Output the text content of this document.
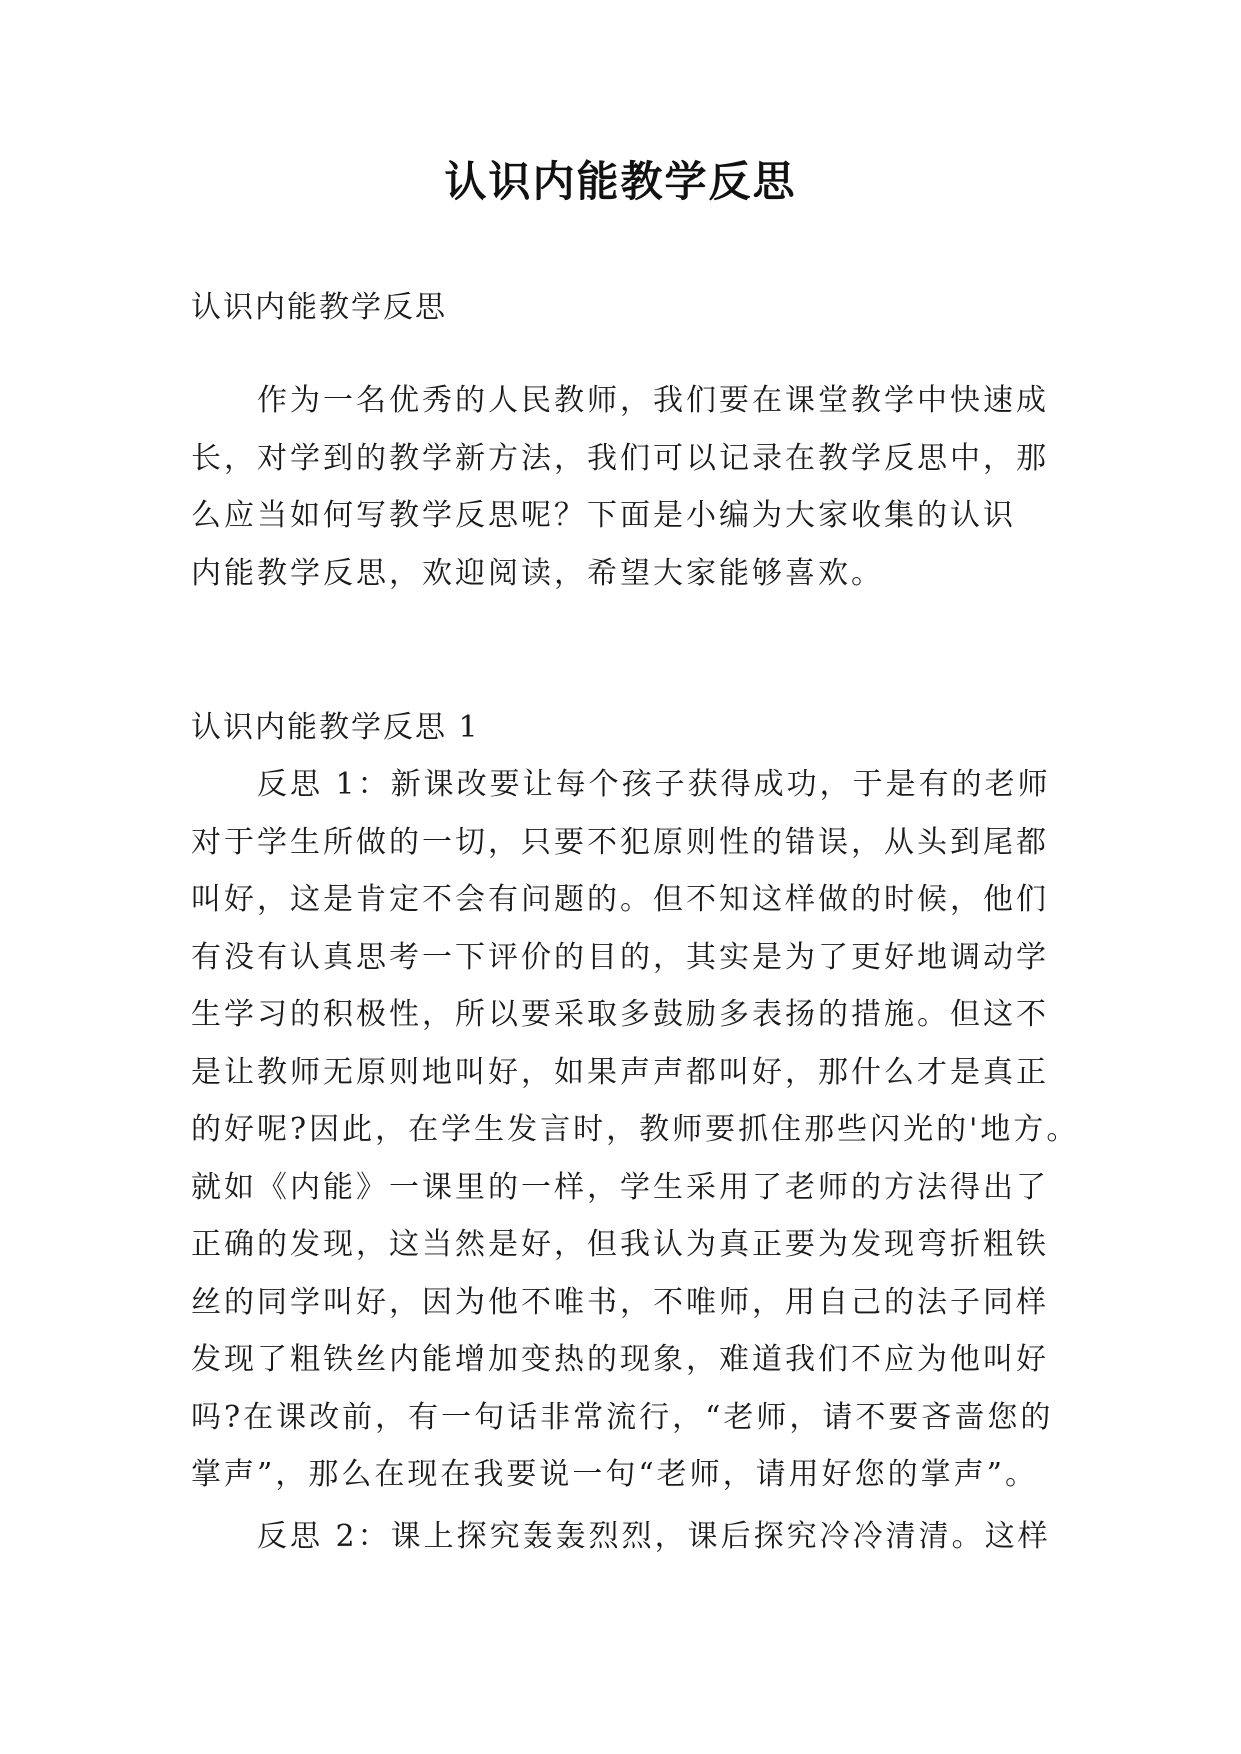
认识内能教学反思
认识内能教学反思
作为一名优秀的人民教师，我们要在课堂教学中快速成
长，对学到的教学新方法，我们可以记录在教学反思中，那
么应当如何写教学反思呢？下面是小编为大家收集的认识
内能教学反思，欢迎阅读，希望大家能够喜欢。
认识内能教学反思 1
反思 1：新课改要让每个孩子获得成功，于是有的老师
对于学生所做的一切，只要不犯原则性的错误，从头到尾都
叫好，这是肯定不会有问题的。但不知这样做的时候，他们
有没有认真思考一下评价的目的，其实是为了更好地调动学
生学习的积极性，所以要采取多鼓励多表扬的措施。但这不
是让教师无原则地叫好，如果声声都叫好，那什么才是真正
的好呢?因此，在学生发言时，教师要抓住那些闪光的'地方。
就如《内能》一课里的一样，学生采用了老师的方法得出了
正确的发现，这当然是好，但我认为真正要为发现弯折粗铁
丝的同学叫好，因为他不唯书，不唯师，用自己的法子同样
发现了粗铁丝内能增加变热的现象，难道我们不应为他叫好
吗?在课改前，有一句话非常流行，“老师，请不要吝啬您的
掌声”，那么在现在我要说一句“老师，请用好您的掌声”。
反思 2：课上探究轰轰烈烈，课后探究冷冷清清。这样
